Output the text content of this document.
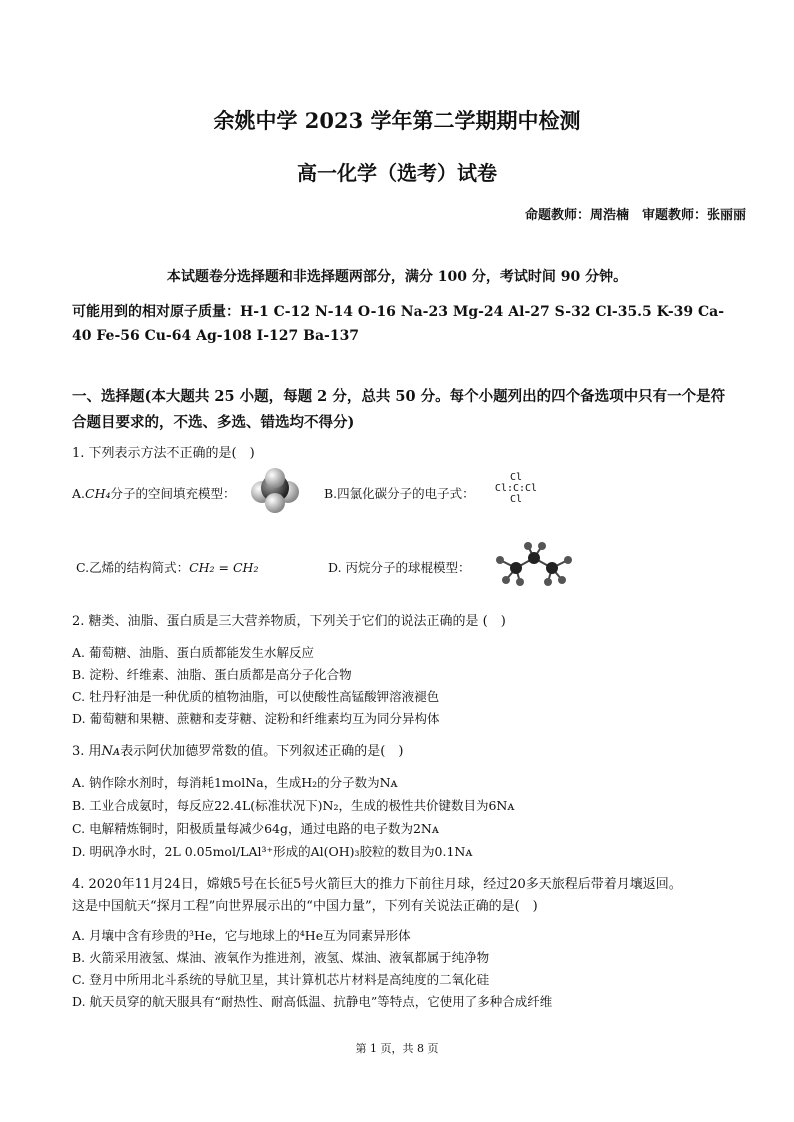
余姚中学 2023 学年第二学期期中检测
高一化学（选考）试卷
命题教师：周浩楠　审题教师：张丽丽
本试题卷分选择题和非选择题两部分，满分 100 分，考试时间 90 分钟。
可能用到的相对原子质量：H-1 C-12 N-14 O-16 Na-23 Mg-24 Al-27 S-32 Cl-35.5 K-39 Ca-40 Fe-56 Cu-64 Ag-108 I-127 Ba-137
一、选择题(本大题共 25 小题，每题 2 分，总共 50 分。每个小题列出的四个备选项中只有一个是符合题目要求的，不选、多选、错选均不得分)
1. 下列表示方法不正确的是(　)
A.CH₄分子的空间填充模型：	B.四氯化碳分子的电子式：
Cl
Cl:C:Cl
Cl
C.乙烯的结构简式：CH₂ = CH₂	D. 丙烷分子的球棍模型：
2. 糖类、油脂、蛋白质是三大营养物质，下列关于它们的说法正确的是 (　)
A. 葡萄糖、油脂、蛋白质都能发生水解反应
B. 淀粉、纤维素、油脂、蛋白质都是高分子化合物
C. 牡丹籽油是一种优质的植物油脂，可以使酸性高锰酸钾溶液褪色
D. 葡萄糖和果糖、蔗糖和麦芽糖、淀粉和纤维素均互为同分异构体
3. 用Nᴀ表示阿伏加德罗常数的值。下列叙述正确的是(　)
A. 钠作除水剂时，每消耗1molNa，生成H₂的分子数为Nᴀ
B. 工业合成氨时，每反应22.4L(标准状况下)N₂，生成的极性共价键数目为6Nᴀ
C. 电解精炼铜时，阳极质量每减少64g，通过电路的电子数为2Nᴀ
D. 明矾净水时，2L 0.05mol/LAl³⁺形成的Al(OH)₃胶粒的数目为0.1Nᴀ
4. 2020年11月24日，嫦娥5号在长征5号火箭巨大的推力下前往月球，经过20多天旅程后带着月壤返回。
这是中国航天“探月工程”向世界展示出的“中国力量”，下列有关说法正确的是(　)
A. 月壤中含有珍贵的³He，它与地球上的⁴He互为同素异形体
B. 火箭采用液氢、煤油、液氧作为推进剂，液氢、煤油、液氧都属于纯净物
C. 登月中所用北斗系统的导航卫星，其计算机芯片材料是高纯度的二氧化硅
D. 航天员穿的航天服具有“耐热性、耐高低温、抗静电”等特点，它使用了多种合成纤维
第 1 页，共 8 页
